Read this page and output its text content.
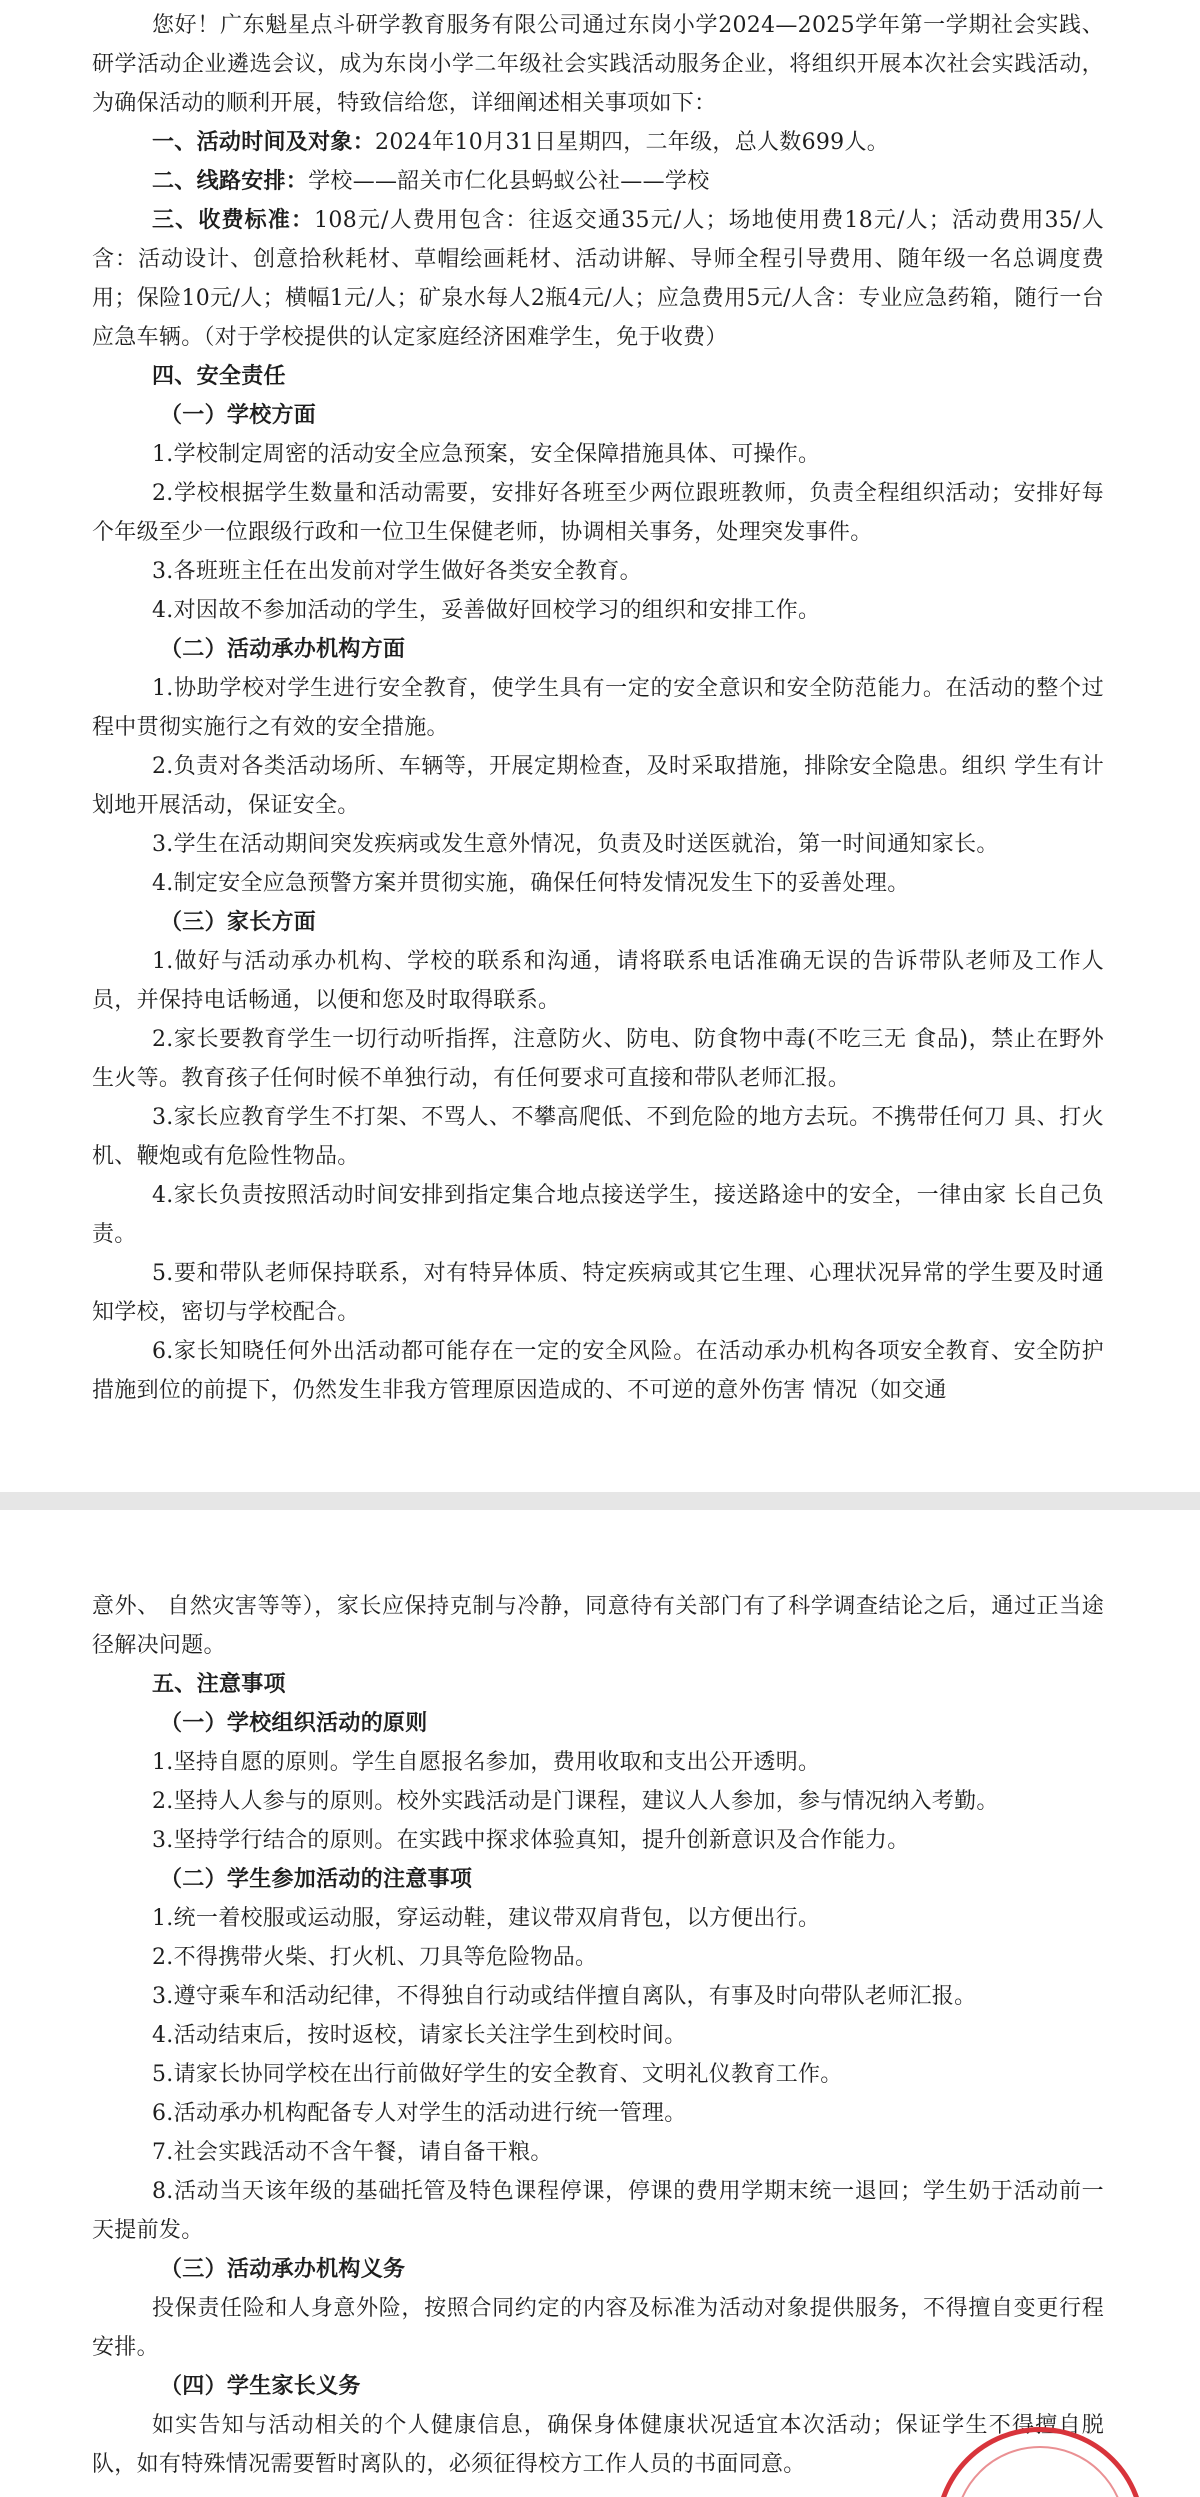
您好！广东魁星点斗研学教育服务有限公司通过东岗小学2024—2025学年第一学期社会实践、研学活动企业遴选会议，成为东岗小学二年级社会实践活动服务企业，将组织开展本次社会实践活动，为确保活动的顺利开展，特致信给您，详细阐述相关事项如下：

一、活动时间及对象：2024年10月31日星期四，二年级，总人数699人。

二、线路安排：学校——韶关市仁化县蚂蚁公社——学校

三、收费标准：108元/人费用包含：往返交通35元/人；场地使用费18元/人；活动费用35/人含：活动设计、创意拾秋耗材、草帽绘画耗材、活动讲解、导师全程引导费用、随年级一名总调度费用；保险10元/人；横幅1元/人；矿泉水每人2瓶4元/人；应急费用5元/人含：专业应急药箱，随行一台应急车辆。（对于学校提供的认定家庭经济困难学生，免于收费）

四、安全责任

（一）学校方面

1.学校制定周密的活动安全应急预案，安全保障措施具体、可操作。

2.学校根据学生数量和活动需要，安排好各班至少两位跟班教师，负责全程组织活动；安排好每个年级至少一位跟级行政和一位卫生保健老师，协调相关事务，处理突发事件。

3.各班班主任在出发前对学生做好各类安全教育。

4.对因故不参加活动的学生，妥善做好回校学习的组织和安排工作。

（二）活动承办机构方面

1.协助学校对学生进行安全教育，使学生具有一定的安全意识和安全防范能力。在活动的整个过程中贯彻实施行之有效的安全措施。

2.负责对各类活动场所、车辆等，开展定期检查，及时采取措施，排除安全隐患。组织 学生有计划地开展活动，保证安全。

3.学生在活动期间突发疾病或发生意外情况，负责及时送医就治，第一时间通知家长。

4.制定安全应急预警方案并贯彻实施，确保任何特发情况发生下的妥善处理。

（三）家长方面

1.做好与活动承办机构、学校的联系和沟通，请将联系电话准确无误的告诉带队老师及工作人员，并保持电话畅通，以便和您及时取得联系。

2.家长要教育学生一切行动听指挥，注意防火、防电、防食物中毒(不吃三无 食品)，禁止在野外生火等。教育孩子任何时候不单独行动，有任何要求可直接和带队老师汇报。

3.家长应教育学生不打架、不骂人、不攀高爬低、不到危险的地方去玩。不携带任何刀 具、打火机、鞭炮或有危险性物品。

4.家长负责按照活动时间安排到指定集合地点接送学生，接送路途中的安全，一律由家 长自己负责。

5.要和带队老师保持联系，对有特异体质、特定疾病或其它生理、心理状况异常的学生要及时通知学校，密切与学校配合。

6.家长知晓任何外出活动都可能存在一定的安全风险。在活动承办机构各项安全教育、安全防护措施到位的前提下，仍然发生非我方管理原因造成的、不可逆的意外伤害 情况（如交通

意外、 自然灾害等等），家长应保持克制与冷静，同意待有关部门有了科学调查结论之后，通过正当途径解决问题。

五、注意事项

（一）学校组织活动的原则

1.坚持自愿的原则。学生自愿报名参加，费用收取和支出公开透明。

2.坚持人人参与的原则。校外实践活动是门课程，建议人人参加，参与情况纳入考勤。

3.坚持学行结合的原则。在实践中探求体验真知，提升创新意识及合作能力。

（二）学生参加活动的注意事项

1.统一着校服或运动服，穿运动鞋，建议带双肩背包，以方便出行。

2.不得携带火柴、打火机、刀具等危险物品。

3.遵守乘车和活动纪律，不得独自行动或结伴擅自离队，有事及时向带队老师汇报。

4.活动结束后，按时返校，请家长关注学生到校时间。

5.请家长协同学校在出行前做好学生的安全教育、文明礼仪教育工作。

6.活动承办机构配备专人对学生的活动进行统一管理。

7.社会实践活动不含午餐，请自备干粮。

8.活动当天该年级的基础托管及特色课程停课，停课的费用学期末统一退回；学生奶于活动前一天提前发。

（三）活动承办机构义务

投保责任险和人身意外险，按照合同约定的内容及标准为活动对象提供服务，不得擅自变更行程安排。

（四）学生家长义务

如实告知与活动相关的个人健康信息，确保身体健康状况适宜本次活动；保证学生不得擅自脱队，如有特殊情况需要暂时离队的，必须征得校方工作人员的书面同意。
